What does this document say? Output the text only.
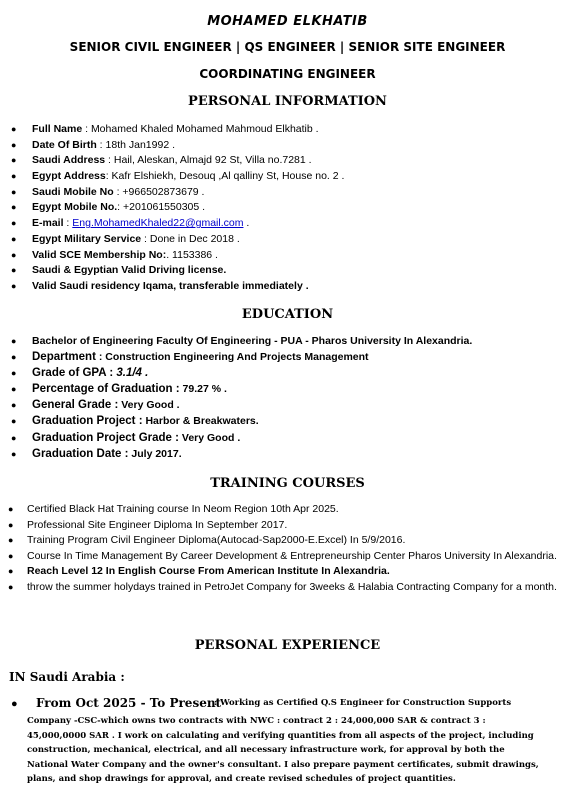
MOHAMED ELKHATIB
SENIOR CIVIL ENGINEER | QS ENGINEER | SENIOR SITE ENGINEER
COORDINATING ENGINEER
PERSONAL INFORMATION
● Full Name : Mohamed Khaled Mohamed Mahmoud Elkhatib .
● Date Of Birth : 18th Jan1992 .
● Saudi Address : Hail, Aleskan, Almajd 92 St, Villa no.7281 .
● Egypt Address: Kafr Elshiekh, Desouq ,Al qalliny St, House no. 2 .
● Saudi Mobile No : +966502873679 .
● Egypt Mobile No.: +201061550305 .
● E-mail : Eng.MohamedKhaled22@gmail.com .
● Egypt Military Service : Done in Dec 2018 .
● Valid SCE Membership No:. 1153386 .
● Saudi & Egyptian Valid Driving license.
● Valid Saudi residency Iqama, transferable immediately .
EDUCATION
● Bachelor of Engineering Faculty Of Engineering - PUA - Pharos University In Alexandria.
● Department : Construction Engineering And Projects Management
● Grade of GPA : 3.1/4 .
● Percentage of Graduation : 79.27 % .
● General Grade : Very Good .
● Graduation Project : Harbor & Breakwaters.
● Graduation Project Grade : Very Good .
● Graduation Date : July 2017.
TRAINING COURSES
● Certified Black Hat Training course In Neom Region 10th Apr 2025.
● Professional Site Engineer Diploma In September 2017.
● Training Program Civil Engineer Diploma(Autocad-Sap2000-E.Excel) In 5/9/2016.
● Course In Time Management By Career Development & Entrepreneurship Center Pharos University In Alexandria.
● Reach Level 12 In English Course From American Institute In Alexandria.
● throw the summer holydays trained in PetroJet Company for 3weeks & Halabia Contracting Company for a month.
PERSONAL EXPERIENCE
IN Saudi Arabia :
● From Oct 2025 - To Present
: Working as Certified Q.S Engineer for Construction Supports
Company -CSC-which owns two contracts with NWC : contract 2 : 24,000,000 SAR & contract 3 : 45,000,0000 SAR . I work on calculating and verifying quantities from all aspects of the project, including construction, mechanical, electrical, and all necessary infrastructure work, for approval by both the National Water Company and the owner's consultant. I also prepare payment certificates, submit drawings, plans, and shop drawings for approval, and create revised schedules of project quantities.
